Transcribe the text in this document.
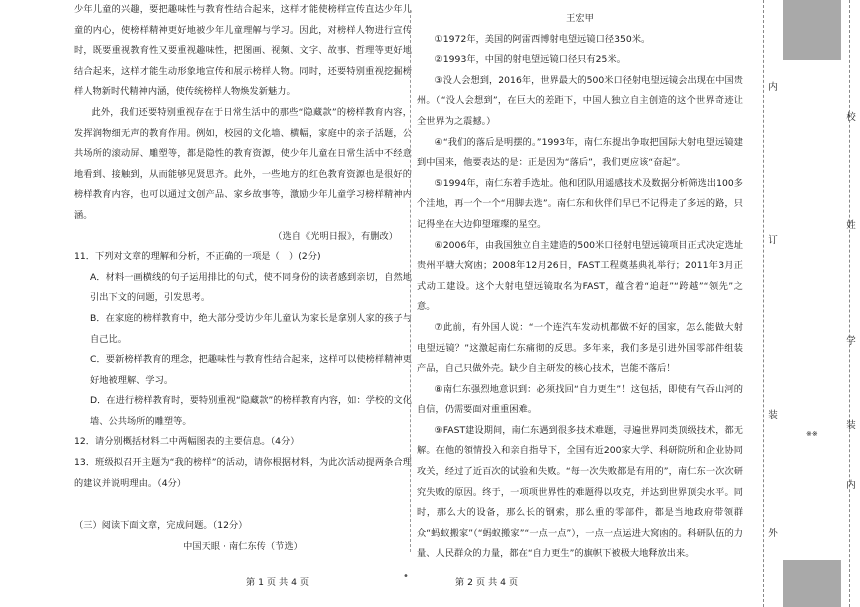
少年儿童的兴趣，要把趣味性与教育性结合起来，这样才能使榜样宣传直达少年儿童的内心，使榜样精神更好地被少年儿童理解与学习。因此，对榜样人物进行宣传时，既要重视教育性又要重视趣味性，把图画、视频、文字、故事、哲理等更好地结合起来，这样才能生动形象地宣传和展示榜样人物。同时，还要特别重视挖掘榜样人物新时代精神内涵，使传统榜样人物焕发新魅力。

此外，我们还要特别重视存在于日常生活中的那些“隐藏款”的榜样教育内容，发挥润物细无声的教育作用。例如，校园的文化墙、横幅，家庭中的亲子活题，公共场所的滚动屏、雕塑等，都是隐性的教育资源，使少年儿童在日常生活中不经意地看到、接触到，从而能够见贤思齐。此外，一些地方的红色教育资源也是很好的榜样教育内容，也可以通过文创产品、家乡故事等，激励少年儿童学习榜样精神内涵。

（选自《光明日报》，有删改）

11．下列对文章的理解和分析，不正确的一项是（　）(2分)

A．材料一画横线的句子运用排比的句式，使不同身份的读者感到亲切，自然地引出下文的问题，引发思考。

B．在家庭的榜样教育中，绝大部分受访少年儿童认为家长是拿别人家的孩子与自己比。

C．要新榜样教育的理念，把趣味性与教育性结合起来，这样可以使榜样精神更好地被理解、学习。

D．在进行榜样教育时，要特别重视“隐藏款”的榜样教育内容，如：学校的文化墙、公共场所的雕塑等。

12．请分别概括材料二中两幅图表的主要信息。（4分）

13．班级拟召开主题为“我的榜样”的活动，请你根据材料，为此次活动提两条合理的建议并说明理由。（4分）

（三）阅读下面文章，完成问题。（12分）

中国天眼 · 南仁东传（节选）

王宏甲

①1972年，美国的阿雷西博射电望远镜口径350米。

②1993年，中国的射电望远镜口径只有25米。

③没人会想到，2016年，世界最大的500米口径射电望远镜会出现在中国贵州。（“没人会想到”，在巨大的差距下，中国人独立自主创造的这个世界奇迹让全世界为之震撼。）

④“我们的落后是明摆的。”1993年，南仁东提出争取把国际大射电望远镜建到中国来，他要表达的是：正是因为“落后”，我们更应该“奋起”。

⑤1994年，南仁东着手选址。他和团队用遥感技术及数据分析筛选出100多个洼地，再一个一个“用脚去选”。南仁东和伙伴们早已不记得走了多远的路，只记得坐在大边仰望璀璨的星空。

⑥2006年，由我国独立自主建造的500米口径射电望远镜项目正式决定选址贵州平塘大窝凼；2008年12月26日，FAST工程奠基典礼举行；2011年3月正式动工建设。这个大射电望远镜取名为FAST，蕴含着“追赶”“跨越”“领先”之意。

⑦此前，有外国人说：“一个连汽车发动机都做不好的国家，怎么能做大射电望远镜？”这激起南仁东痛彻的反思。多年来，我们多是引进外国零部件组装产品，自己只做外壳。缺少自主研发的核心技术，岂能不落后！

⑧南仁东强烈地意识到：必须找回“自力更生”！这包括，即使有气吞山河的自信，仍需要面对重重困难。

⑨FAST建设期间，南仁东遇到很多技术难题，寻遍世界同类顶级技术，都无解。在他的領情投入和亲自指导下，全国有近200家大学、科研院所和企业协同攻关，经过了近百次的试验和失败。“每一次失败都是有用的”，南仁东一次次研究失败的原因。终于，一项项世界性的难题得以攻克，并达到世界顶尖水平。同时，那么大的设备，那么长的钢索，那么重的零部件，都是当地政府带领群众“蚂蚁搬家”（“蚂蚁搬家”“一点一点”），一点一点运进大窝凼的。科研队伍的力量、人民群众的力量，都在“自力更生”的旗帜下被极大地释放出来。

第 1 页 共 4 页
•
第 2 页 共 4 页
内
订
装
外
校
姓
学
装
内
※※
